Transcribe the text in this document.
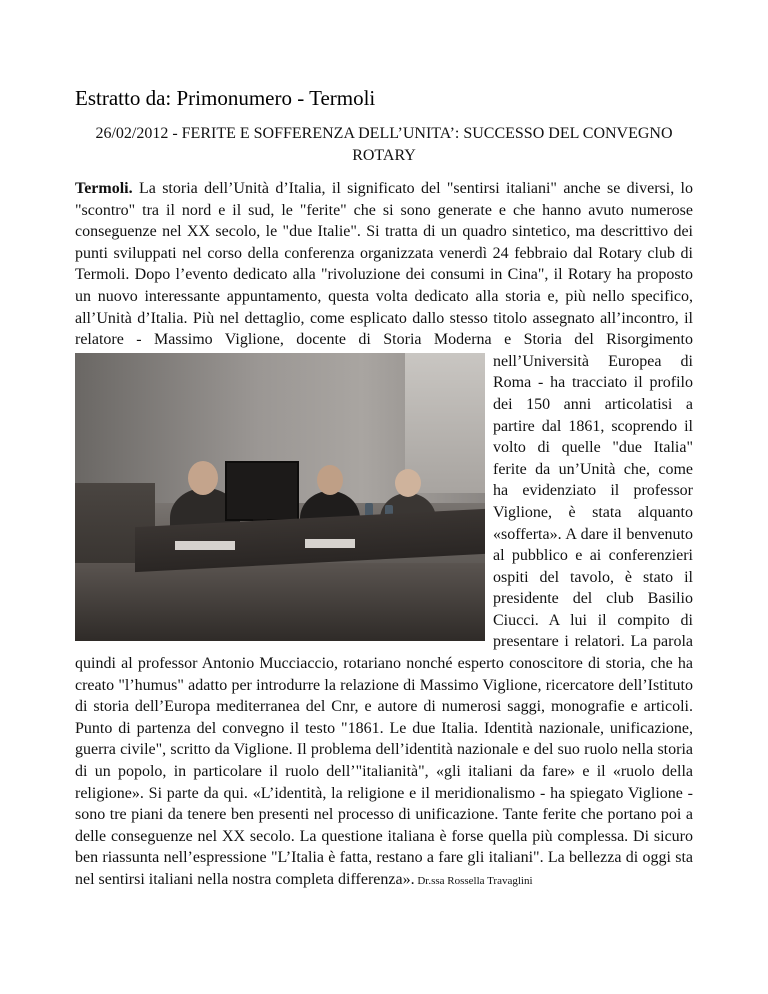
Estratto da: Primonumero - Termoli
26/02/2012 - FERITE E SOFFERENZA DELL’UNITA’: SUCCESSO DEL CONVEGNO ROTARY

Termoli. La storia dell’Unità d’Italia, il significato del "sentirsi italiani" anche se diversi, lo "scontro" tra il nord e il sud, le "ferite" che si sono generate e che hanno avuto numerose conseguenze nel XX secolo, le "due Italie". Si tratta di un quadro sintetico, ma descrittivo dei punti sviluppati nel corso della conferenza organizzata venerdì 24 febbraio dal Rotary club di Termoli. Dopo l’evento dedicato alla "rivoluzione dei consumi in Cina", il Rotary ha proposto un nuovo interessante appuntamento, questa volta dedicato alla storia e, più nello specifico, all’Unità d’Italia. Più nel dettaglio, come esplicato dallo stesso titolo assegnato all’incontro, il relatore - Massimo Viglione, docente di Storia Moderna e Storia del Risorgimento
nell’Università Europea di Roma - ha tracciato il profilo dei 150 anni articolatisi a partire dal 1861, scoprendo il volto di quelle "due Italia" ferite da un’Unità che, come ha evidenziato il professor Viglione, è stata alquanto «sofferta». A dare il benvenuto al pubblico e ai conferenzieri ospiti del tavolo, è stato il presidente del club Basilio Ciucci. A lui il compito di presentare i relatori. La parola quindi al professor Antonio Mucciaccio, rotariano nonché esperto conoscitore di storia, che ha creato "l’humus" adatto per introdurre la relazione di Massimo Viglione, ricercatore dell’Istituto di storia dell’Europa mediterranea del Cnr, e autore di numerosi saggi, monografie e articoli. Punto di partenza del convegno il testo "1861. Le due Italia. Identità nazionale, unificazione, guerra civile", scritto da Viglione. Il problema dell’identità nazionale e del suo ruolo nella storia di un popolo, in particolare il ruolo dell’"italianità", «gli italiani da fare» e il «ruolo della religione». Si parte da qui. «L’identità, la religione e il meridionalismo - ha spiegato Viglione - sono tre piani da tenere ben presenti nel processo di unificazione. Tante ferite che portano poi a delle conseguenze nel XX secolo. La questione italiana è forse quella più complessa. Di sicuro ben riassunta nell’espressione "L’Italia è fatta, restano a fare gli italiani". La bellezza di oggi sta nel sentirsi italiani nella nostra completa differenza». Dr.ssa Rossella Travaglini
